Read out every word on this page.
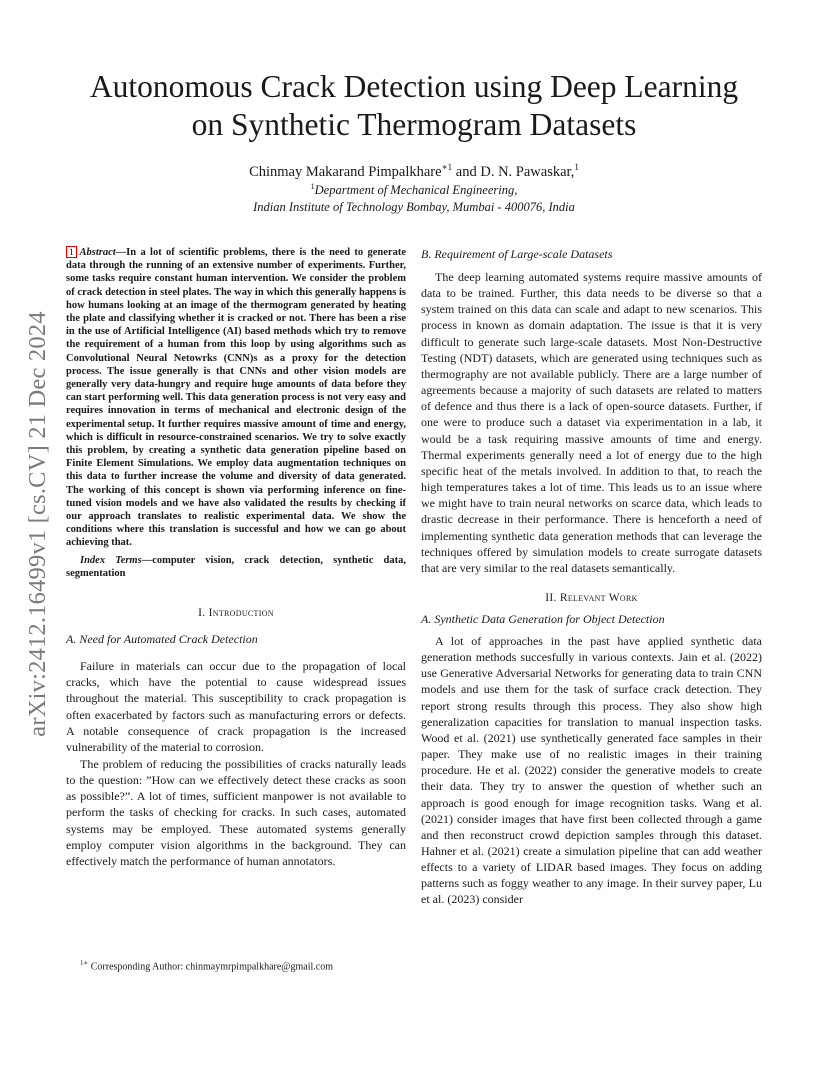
arXiv:2412.16499v1 [cs.CV] 21 Dec 2024
Autonomous Crack Detection using Deep Learning
on Synthetic Thermogram Datasets
Chinmay Makarand Pimpalkhare$^{∗1}$ and D. N. Pawaskar,$^1$
$^1$Department of Mechanical Engineering,
Indian Institute of Technology Bombay, Mumbai - 400076, India

1 Abstract—In a lot of scientific problems, there is the need to generate data through the running of an extensive number of experiments. Further, some tasks require constant human intervention. We consider the problem of crack detection in steel plates. The way in which this generally happens is how humans looking at an image of the thermogram generated by heating the plate and classifying whether it is cracked or not. There has been a rise in the use of Artificial Intelligence (AI) based methods which try to remove the requirement of a human from this loop by using algorithms such as Convolutional Neural Netowrks (CNN)s as a proxy for the detection process. The issue generally is that CNNs and other vision models are generally very data-hungry and require huge amounts of data before they can start performing well. This data generation process is not very easy and requires innovation in terms of mechanical and electronic design of the experimental setup. It further requires massive amount of time and energy, which is difficult in resource-constrained scenarios. We try to solve exactly this problem, by creating a synthetic data generation pipeline based on Finite Element Simulations. We employ data augmentation techniques on this data to further increase the volume and diversity of data generated. The working of this concept is shown via performing inference on fine-tuned vision models and we have also validated the results by checking if our approach translates to realistic experimental data. We show the conditions where this translation is successful and how we can go about achieving that.

Index Terms—computer vision, crack detection, synthetic data, segmentation

I. Introduction

A. Need for Automated Crack Detection

Failure in materials can occur due to the propagation of local cracks, which have the potential to cause widespread issues throughout the material. This susceptibility to crack propagation is often exacerbated by factors such as manufacturing errors or defects. A notable consequence of crack propagation is the increased vulnerability of the material to corrosion.

The problem of reducing the possibilities of cracks naturally leads to the question: ”How can we effectively detect these cracks as soon as possible?”. A lot of times, sufficient manpower is not available to perform the tasks of checking for cracks. In such cases, automated systems may be employed. These automated systems generally employ computer vision algorithms in the background. They can effectively match the performance of human annotators.

$^{1∗}$ Corresponding Author: chinmaymrpimpalkhare@gmail.com

B. Requirement of Large-scale Datasets

The deep learning automated systems require massive amounts of data to be trained. Further, this data needs to be diverse so that a system trained on this data can scale and adapt to new scenarios. This process in known as domain adaptation. The issue is that it is very difficult to generate such large-scale datasets. Most Non-Destructive Testing (NDT) datasets, which are generated using techniques such as thermography are not available publicly. There are a large number of agreements because a majority of such datasets are related to matters of defence and thus there is a lack of open-source datasets. Further, if one were to produce such a dataset via experimentation in a lab, it would be a task requiring massive amounts of time and energy. Thermal experiments generally need a lot of energy due to the high specific heat of the metals involved. In addition to that, to reach the high temperatures takes a lot of time. This leads us to an issue where we might have to train neural networks on scarce data, which leads to drastic decrease in their performance. There is henceforth a need of implementing synthetic data generation methods that can leverage the techniques offered by simulation models to create surrogate datasets that are very similar to the real datasets semantically.

II. Relevant Work

A. Synthetic Data Generation for Object Detection

A lot of approaches in the past have applied synthetic data generation methods succesfully in various contexts. Jain et al. (2022) use Generative Adversarial Networks for generating data to train CNN models and use them for the task of surface crack detection. They report strong results through this process. They also show high generalization capacities for translation to manual inspection tasks. Wood et al. (2021) use synthetically generated face samples in their paper. They make use of no realistic images in their training procedure. He et al. (2022) consider the generative models to create their data. They try to answer the question of whether such an approach is good enough for image recognition tasks. Wang et al. (2021) consider images that have first been collected through a game and then reconstruct crowd depiction samples through this dataset. Hahner et al. (2021) create a simulation pipeline that can add weather effects to a variety of LIDAR based images. They focus on adding patterns such as foggy weather to any image. In their survey paper, Lu et al. (2023) consider
